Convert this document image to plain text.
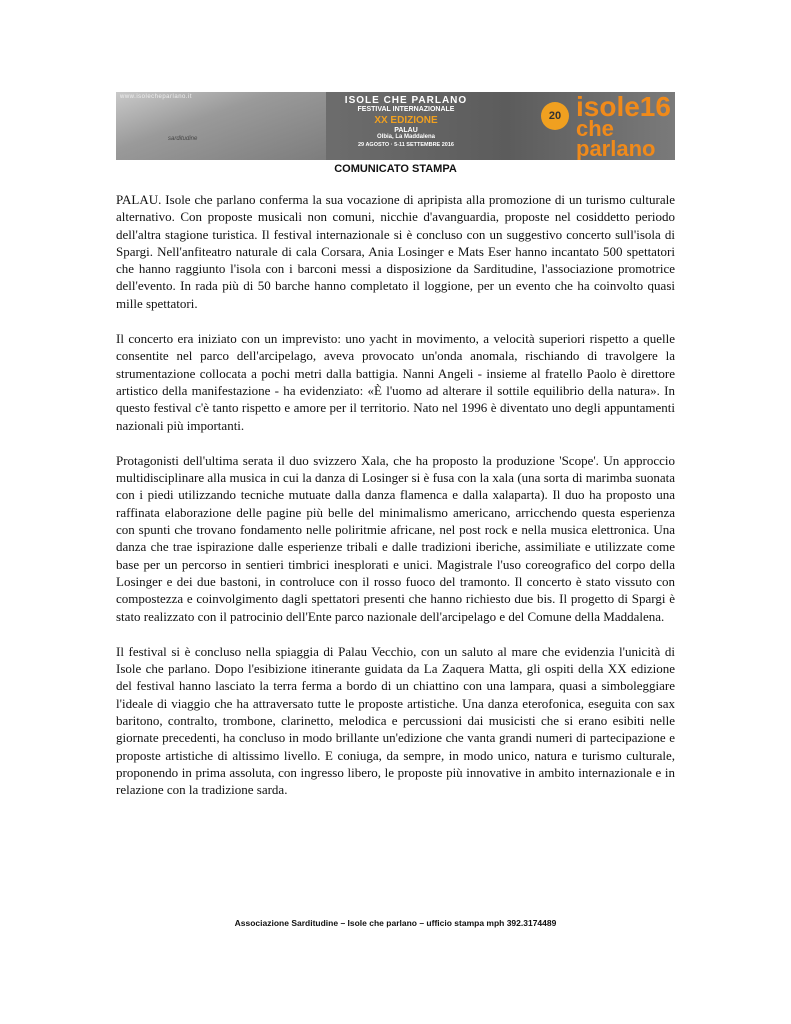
www.isolecheparlano.it
sarditudine
ISOLE CHE PARLANO
FESTIVAL INTERNAZIONALE
XX EDIZIONE
PALAU
Olbia, La Maddalena
29 AGOSTO · 5-11 SETTEMBRE 2016
20 isole16
che parlano
COMUNICATO STAMPA

PALAU. Isole che parlano conferma la sua vocazione di apripista alla promozione di un turismo culturale alternativo. Con proposte musicali non comuni, nicchie d'avanguardia, proposte nel cosiddetto periodo dell'altra stagione turistica. Il festival internazionale si è concluso con un suggestivo concerto sull'isola di Spargi. Nell'anfiteatro naturale di cala Corsara, Ania Losinger e Mats Eser hanno incantato 500 spettatori che hanno raggiunto l'isola con i barconi messi a disposizione da Sarditudine, l'associazione promotrice dell'evento. In rada più di 50 barche hanno completato il loggione, per un evento che ha coinvolto quasi mille spettatori.

Il concerto era iniziato con un imprevisto: uno yacht in movimento, a velocità superiori rispetto a quelle consentite nel parco dell'arcipelago, aveva provocato un'onda anomala, rischiando di travolgere la strumentazione collocata a pochi metri dalla battigia. Nanni Angeli - insieme al fratello Paolo è direttore artistico della manifestazione - ha evidenziato: «È l'uomo ad alterare il sottile equilibrio della natura». In questo festival c'è tanto rispetto e amore per il territorio. Nato nel 1996 è diventato uno degli appuntamenti nazionali più importanti.

Protagonisti dell'ultima serata il duo svizzero Xala, che ha proposto la produzione 'Scope'. Un approccio multidisciplinare alla musica in cui la danza di Losinger si è fusa con la xala (una sorta di marimba suonata con i piedi utilizzando tecniche mutuate dalla danza flamenca e dalla xalaparta). Il duo ha proposto una raffinata elaborazione delle pagine più belle del minimalismo americano, arricchendo questa esperienza con spunti che trovano fondamento nelle poliritmie africane, nel post rock e nella musica elettronica. Una danza che trae ispirazione dalle esperienze tribali e dalle tradizioni iberiche, assimiliate e utilizzate come base per un percorso in sentieri timbrici inesplorati e unici. Magistrale l'uso coreografico del corpo della Losinger e dei due bastoni, in controluce con il rosso fuoco del tramonto. Il concerto è stato vissuto con compostezza e coinvolgimento dagli spettatori presenti che hanno richiesto due bis. Il progetto di Spargi è stato realizzato con il patrocinio dell'Ente parco nazionale dell'arcipelago e del Comune della Maddalena.

Il festival si è concluso nella spiaggia di Palau Vecchio, con un saluto al mare che evidenzia l'unicità di Isole che parlano. Dopo l'esibizione itinerante guidata da La Zaquera Matta, gli ospiti della XX edizione del festival hanno lasciato la terra ferma a bordo di un chiattino con una lampara, quasi a simboleggiare l'ideale di viaggio che ha attraversato tutte le proposte artistiche. Una danza eterofonica, eseguita con sax baritono, contralto, trombone, clarinetto, melodica e percussioni dai musicisti che si erano esibiti nelle giornate precedenti, ha concluso in modo brillante un'edizione che vanta grandi numeri di partecipazione e proposte artistiche di altissimo livello. E coniuga, da sempre, in modo unico, natura e turismo culturale, proponendo in prima assoluta, con ingresso libero, le proposte più innovative in ambito internazionale e in relazione con la tradizione sarda.

Associazione Sarditudine – Isole che parlano – ufficio stampa mph 392.3174489
